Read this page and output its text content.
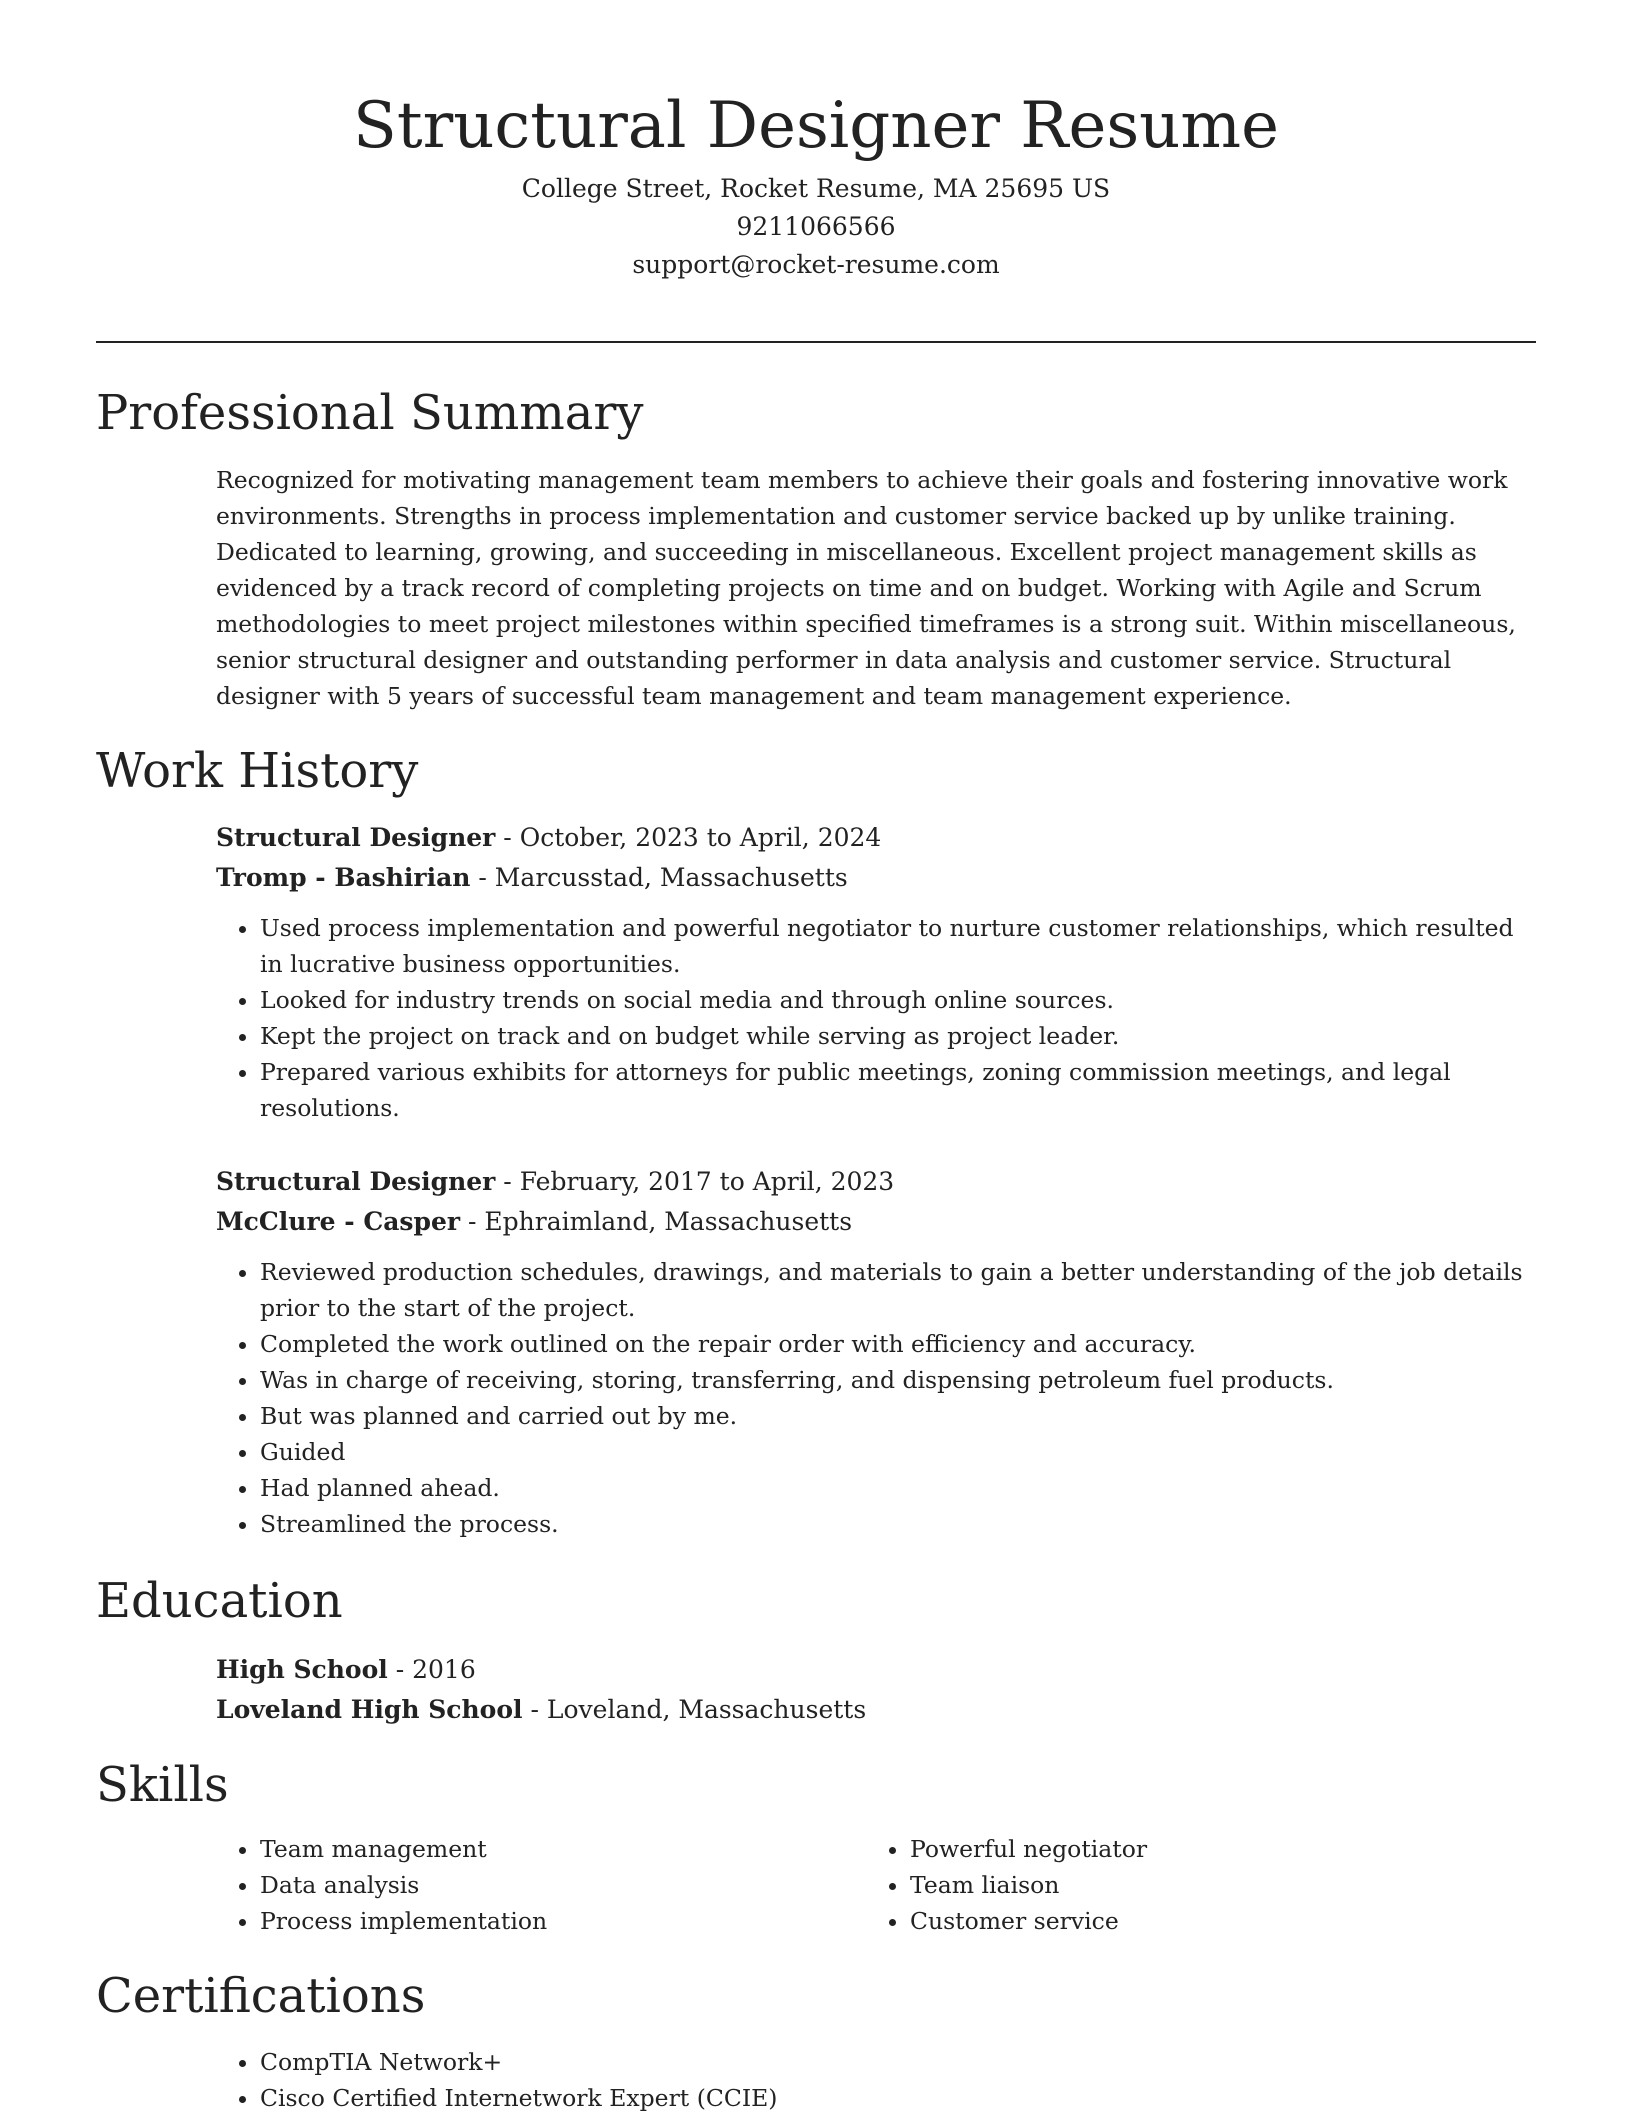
Structural Designer Resume

College Street, Rocket Resume, MA 25695 US

9211066566

support@rocket-resume.com

Professional Summary

Recognized for motivating management team members to achieve their goals and fostering innovative work environments. Strengths in process implementation and customer service backed up by unlike training. Dedicated to learning, growing, and succeeding in miscellaneous. Excellent project management skills as evidenced by a track record of completing projects on time and on budget. Working with Agile and Scrum methodologies to meet project milestones within specified timeframes is a strong suit. Within miscellaneous, senior structural designer and outstanding performer in data analysis and customer service. Structural designer with 5 years of successful team management and team management experience.

Work History

Structural Designer - October, 2023 to April, 2024

Tromp - Bashirian - Marcusstad, Massachusetts

• Used process implementation and powerful negotiator to nurture customer relationships, which resulted in lucrative business opportunities.
• Looked for industry trends on social media and through online sources.
• Kept the project on track and on budget while serving as project leader.
• Prepared various exhibits for attorneys for public meetings, zoning commission meetings, and legal resolutions.

Structural Designer - February, 2017 to April, 2023

McClure - Casper - Ephraimland, Massachusetts

• Reviewed production schedules, drawings, and materials to gain a better understanding of the job details prior to the start of the project.
• Completed the work outlined on the repair order with efficiency and accuracy.
• Was in charge of receiving, storing, transferring, and dispensing petroleum fuel products.
• But was planned and carried out by me.
• Guided
• Had planned ahead.
• Streamlined the process.
Education

High School - 2016

Loveland High School - Loveland, Massachusetts

Skills
• Team management
• Data analysis
• Process implementation
• Powerful negotiator
• Team liaison
• Customer service
Certifications
• CompTIA Network+
• Cisco Certified Internetwork Expert (CCIE)
